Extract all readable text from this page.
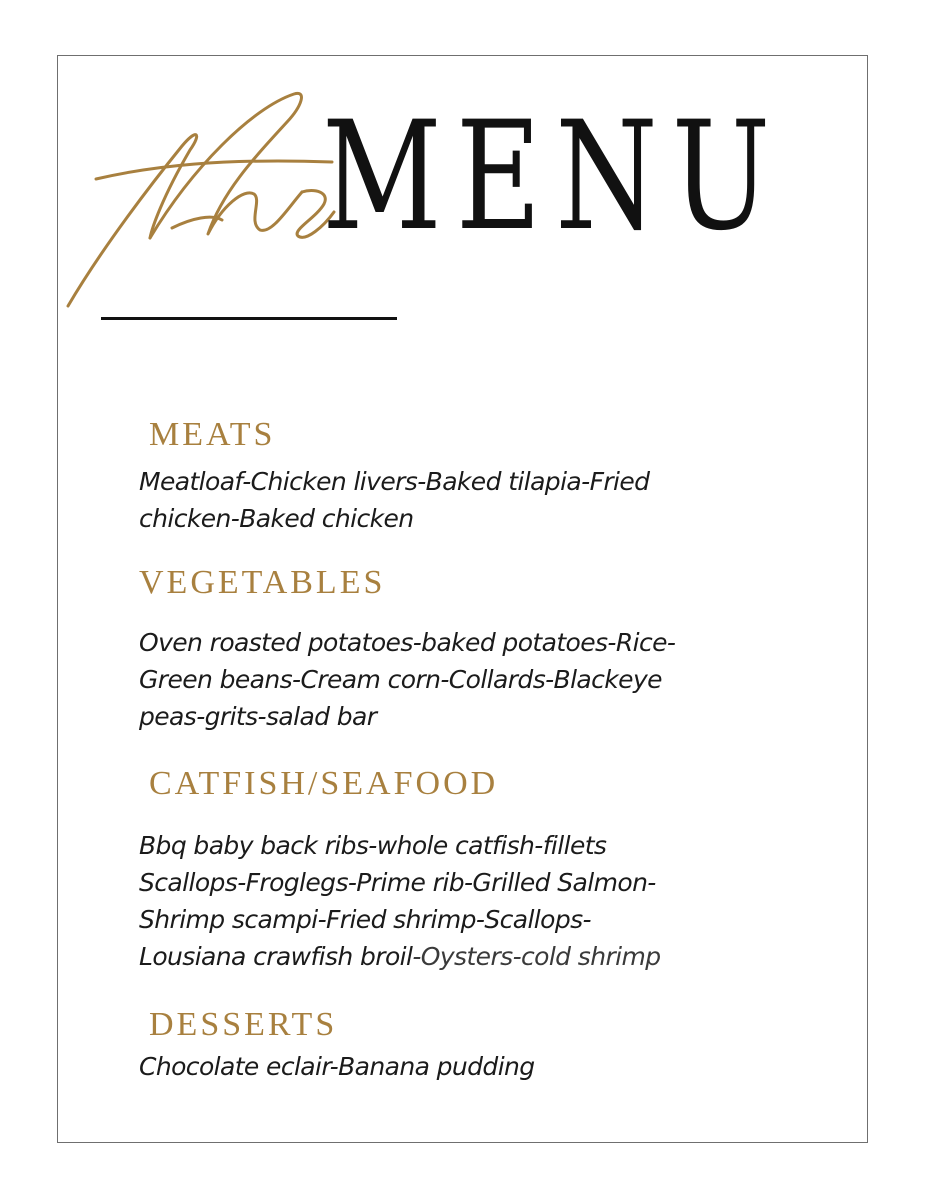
MENU
MEATS
Meatloaf-Chicken livers-Baked tilapia-Fried
chicken-Baked chicken
VEGETABLES
Oven roasted potatoes-baked potatoes-Rice-
Green beans-Cream corn-Collards-Blackeye
peas-grits-salad bar
CATFISH/SEAFOOD
Bbq baby back ribs-whole catfish-fillets
Scallops-Froglegs-Prime rib-Grilled Salmon-
Shrimp scampi-Fried shrimp-Scallops-
Lousiana crawfish broil-Oysters-cold shrimp
DESSERTS
Chocolate eclair-Banana pudding
